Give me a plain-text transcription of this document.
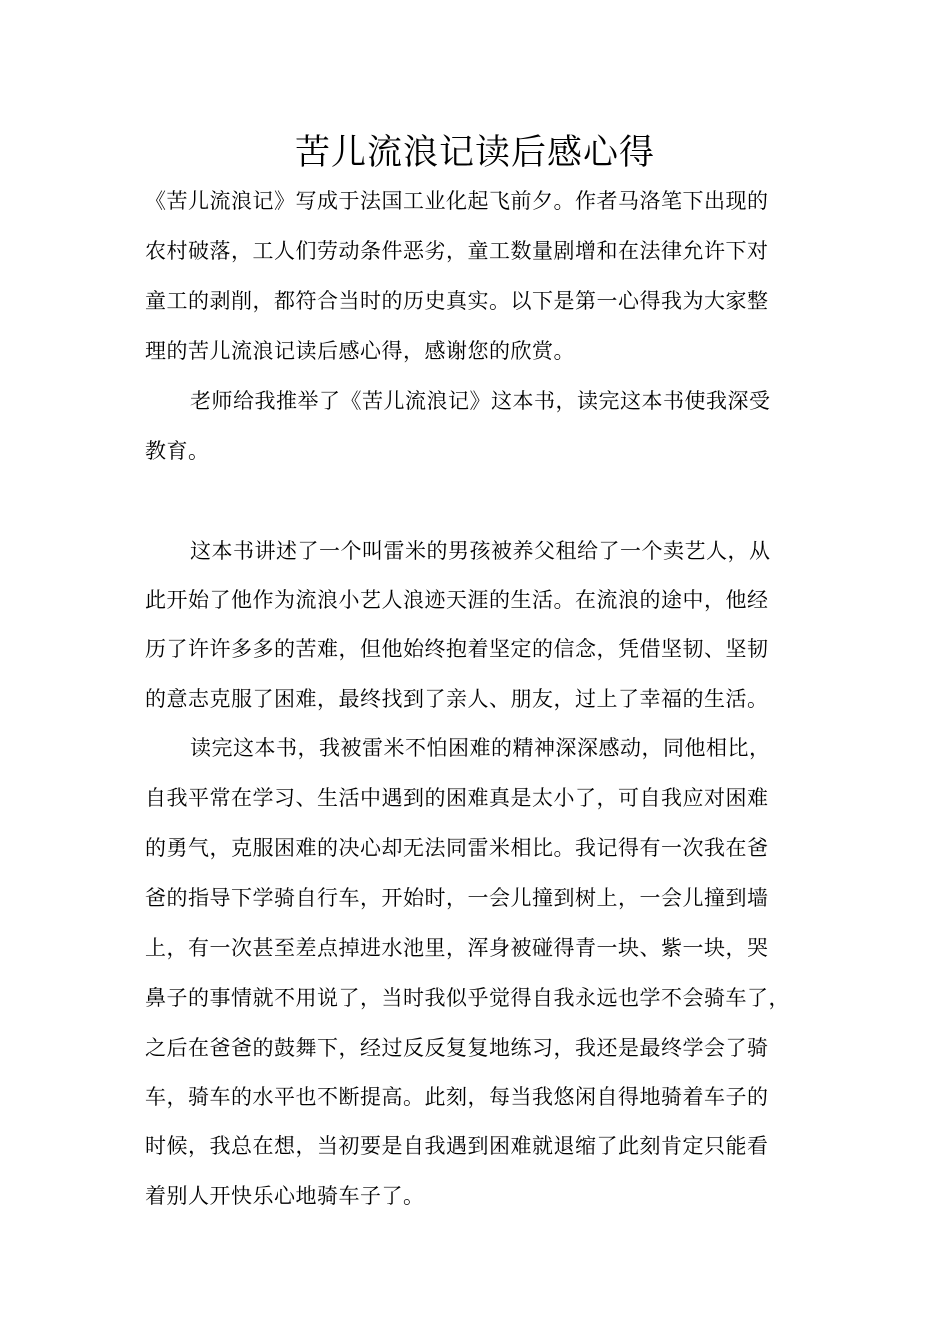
苦儿流浪记读后感心得
《苦儿流浪记》写成于法国工业化起飞前夕。作者马洛笔下出现的
农村破落，工人们劳动条件恶劣，童工数量剧增和在法律允许下对
童工的剥削，都符合当时的历史真实。以下是第一心得我为大家整
理的苦儿流浪记读后感心得，感谢您的欣赏。
老师给我推举了《苦儿流浪记》这本书，读完这本书使我深受
教育。
这本书讲述了一个叫雷米的男孩被养父租给了一个卖艺人，从
此开始了他作为流浪小艺人浪迹天涯的生活。在流浪的途中，他经
历了许许多多的苦难，但他始终抱着坚定的信念，凭借坚韧、坚韧
的意志克服了困难，最终找到了亲人、朋友，过上了幸福的生活。
读完这本书，我被雷米不怕困难的精神深深感动，同他相比，
自我平常在学习、生活中遇到的困难真是太小了，可自我应对困难
的勇气，克服困难的决心却无法同雷米相比。我记得有一次我在爸
爸的指导下学骑自行车，开始时，一会儿撞到树上，一会儿撞到墙
上，有一次甚至差点掉进水池里，浑身被碰得青一块、紫一块，哭
鼻子的事情就不用说了，当时我似乎觉得自我永远也学不会骑车了，
之后在爸爸的鼓舞下，经过反反复复地练习，我还是最终学会了骑
车，骑车的水平也不断提高。此刻，每当我悠闲自得地骑着车子的
时候，我总在想，当初要是自我遇到困难就退缩了此刻肯定只能看
着别人开快乐心地骑车子了。
